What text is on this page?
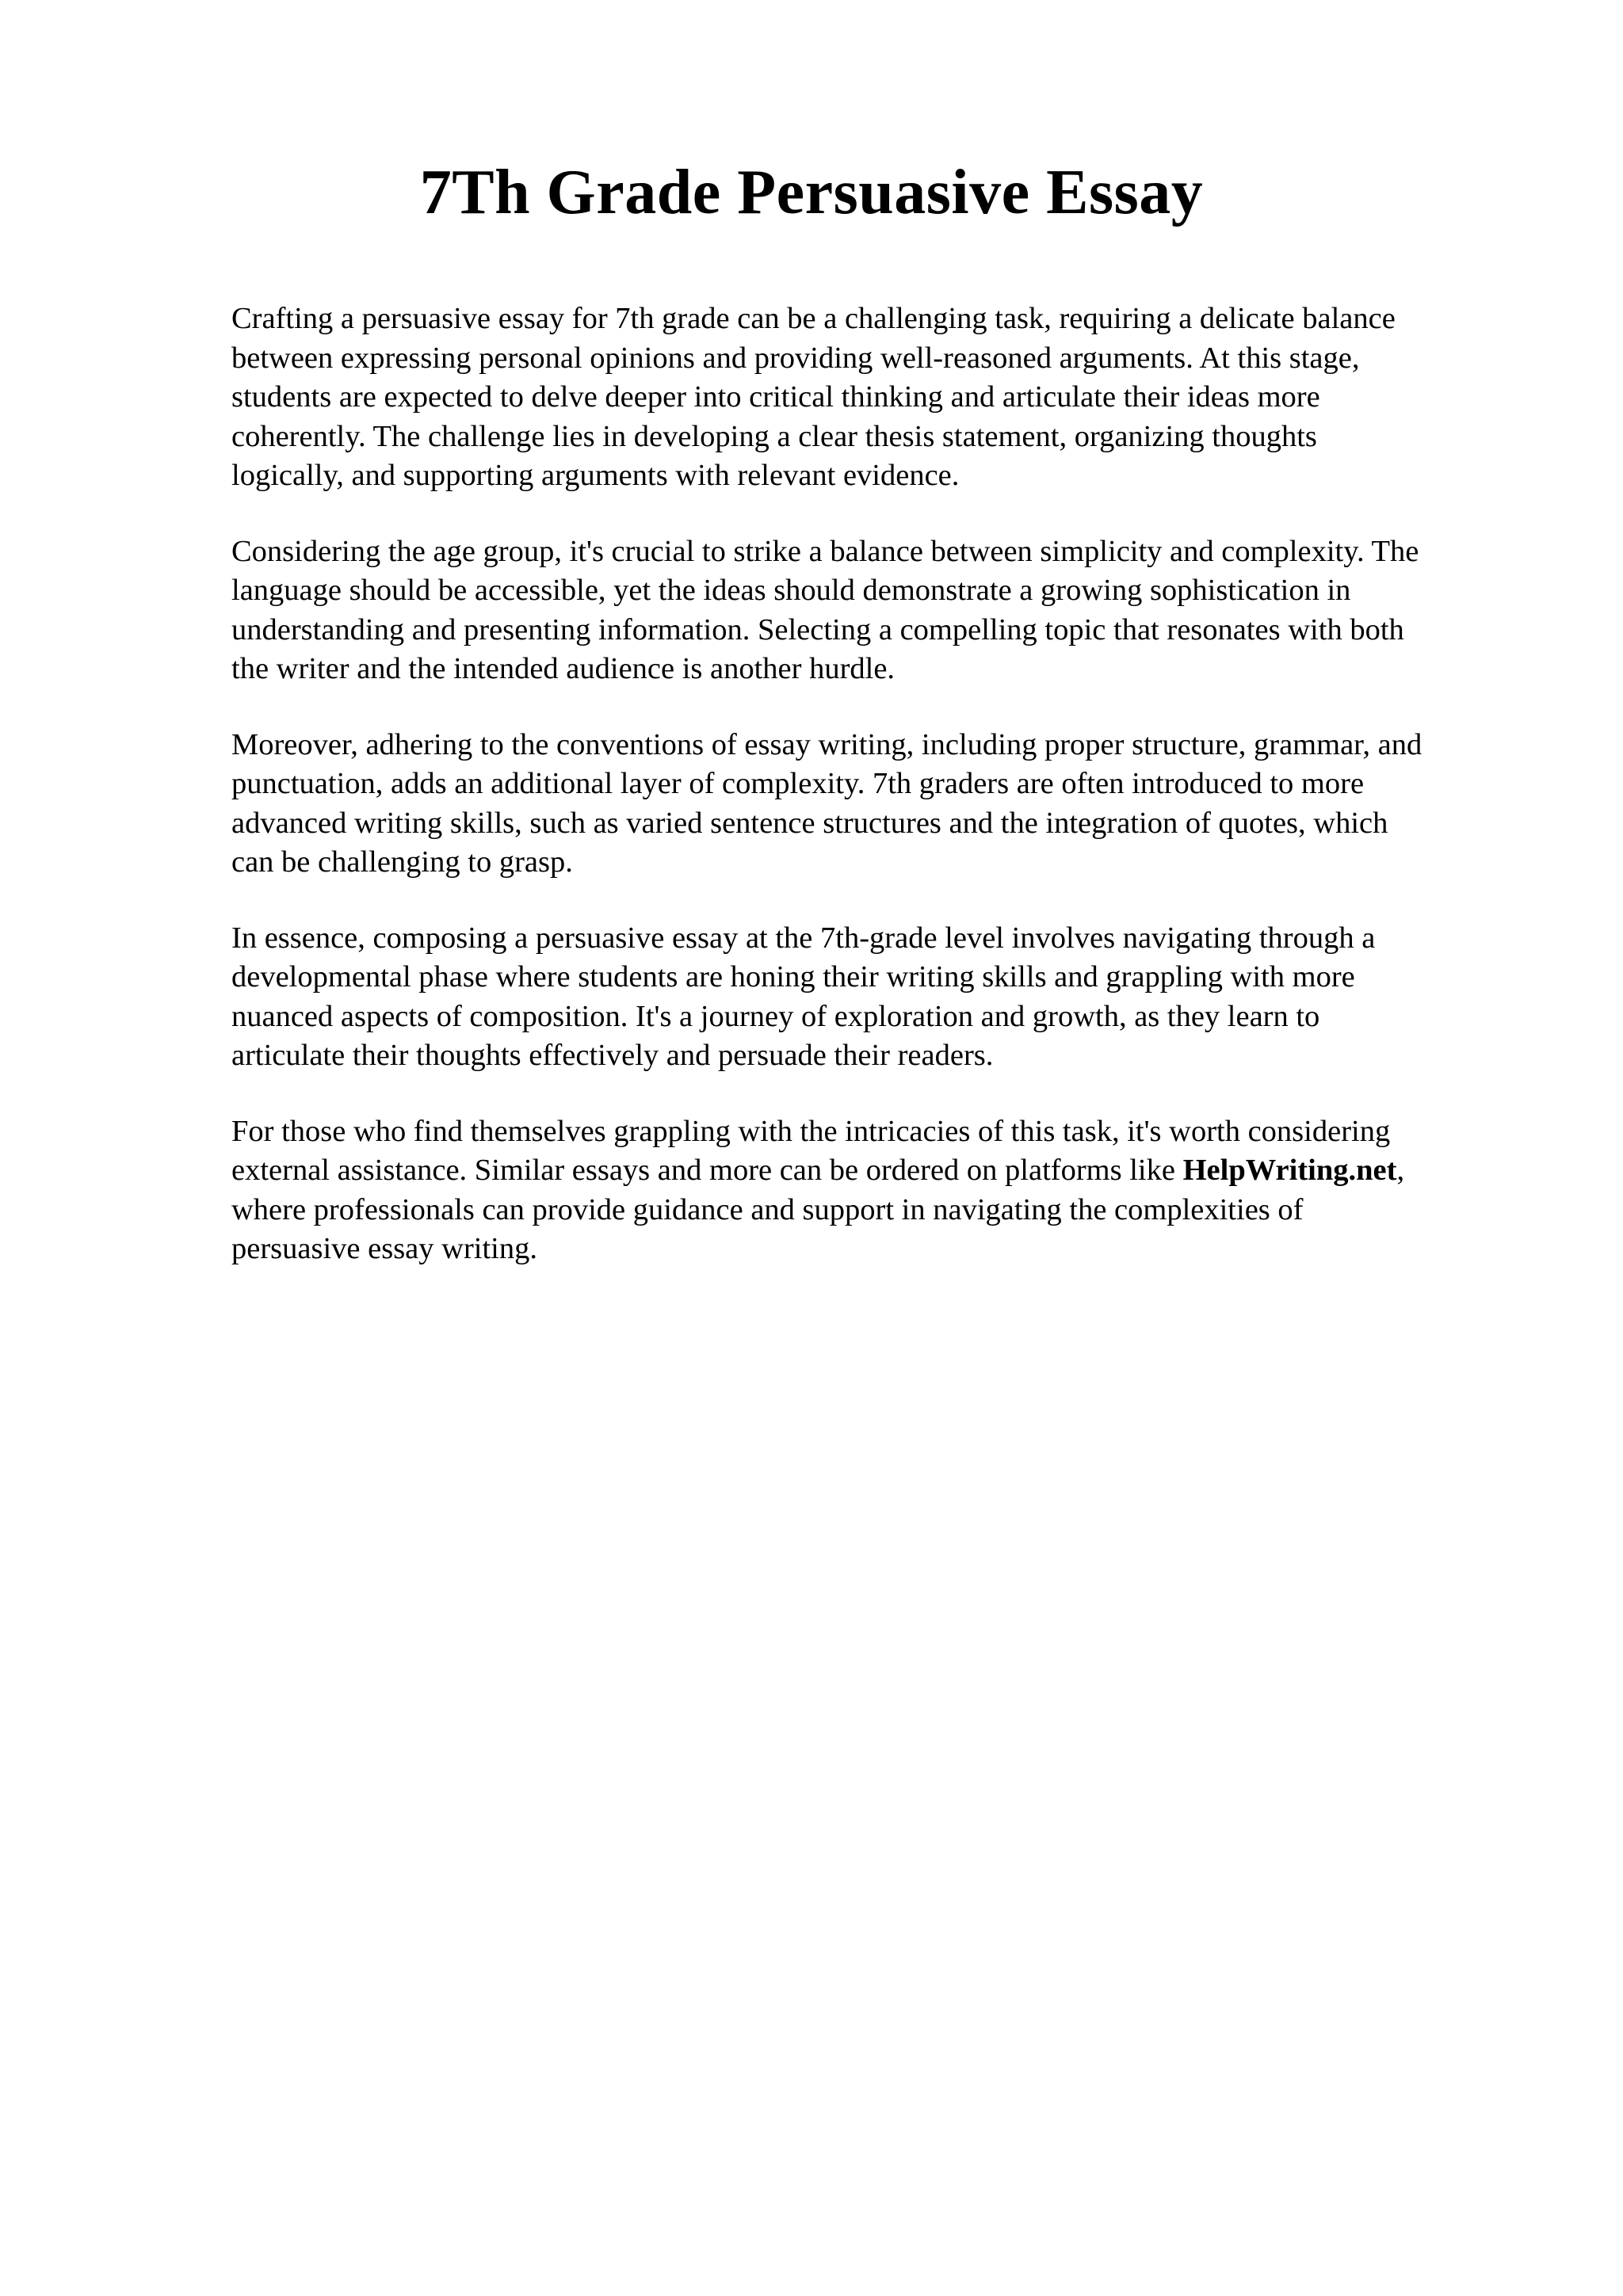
7Th Grade Persuasive Essay

Crafting a persuasive essay for 7th grade can be a challenging task, requiring a delicate balance
between expressing personal opinions and providing well-reasoned arguments. At this stage,
students are expected to delve deeper into critical thinking and articulate their ideas more
coherently. The challenge lies in developing a clear thesis statement, organizing thoughts
logically, and supporting arguments with relevant evidence.

Considering the age group, it's crucial to strike a balance between simplicity and complexity. The
language should be accessible, yet the ideas should demonstrate a growing sophistication in
understanding and presenting information. Selecting a compelling topic that resonates with both
the writer and the intended audience is another hurdle.

Moreover, adhering to the conventions of essay writing, including proper structure, grammar, and
punctuation, adds an additional layer of complexity. 7th graders are often introduced to more
advanced writing skills, such as varied sentence structures and the integration of quotes, which
can be challenging to grasp.

In essence, composing a persuasive essay at the 7th-grade level involves navigating through a
developmental phase where students are honing their writing skills and grappling with more
nuanced aspects of composition. It's a journey of exploration and growth, as they learn to
articulate their thoughts effectively and persuade their readers.

For those who find themselves grappling with the intricacies of this task, it's worth considering
external assistance. Similar essays and more can be ordered on platforms like HelpWriting.net,
where professionals can provide guidance and support in navigating the complexities of
persuasive essay writing.
